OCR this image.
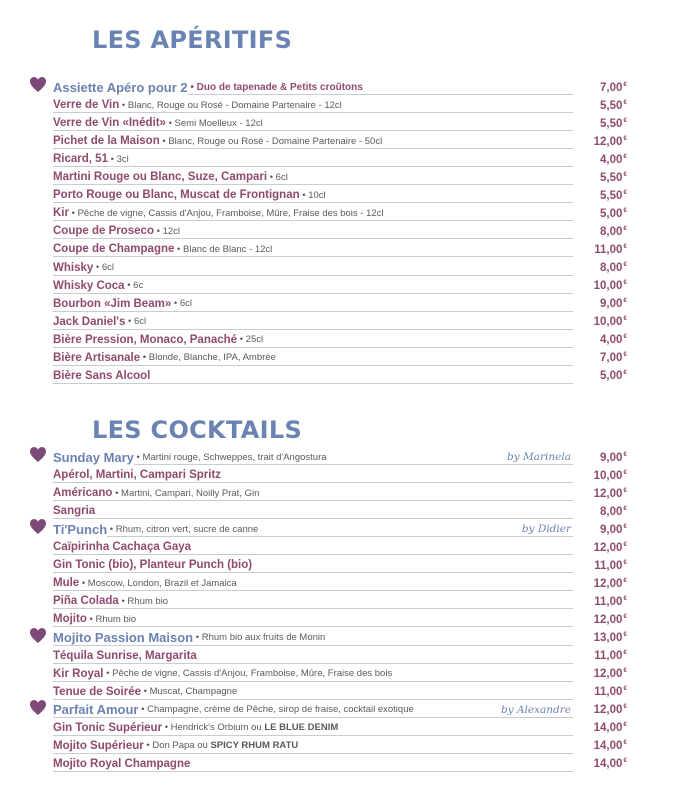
LES APÉRITIFS
LES COCKTAILS
Assiette Apéro pour 2 • Duo de tapenade & Petits croûtons	7,00€
Verre de Vin • Blanc, Rouge ou Rosé - Domaine Partenaire - 12cl	5,50€
Verre de Vin «Inédit» • Semi Moelleux - 12cl	5,50€
Pichet de la Maison • Blanc, Rouge ou Rosé - Domaine Partenaire - 50cl	12,00€
Ricard, 51 • 3cl	4,00€
Martini Rouge ou Blanc, Suze, Campari • 6cl	5,50€
Porto Rouge ou Blanc, Muscat de Frontignan • 10cl	5,50€
Kir • Pêche de vigne, Cassis d'Anjou, Framboise, Mûre, Fraise des bois - 12cl	5,00€
Coupe de Proseco • 12cl	8,00€
Coupe de Champagne • Blanc de Blanc - 12cl	11,00€
Whisky • 6cl	8,00€
Whisky Coca • 6c	10,00€
Bourbon «Jim Beam» • 6cl	9,00€
Jack Daniel's • 6cl	10,00€
Bière Pression, Monaco, Panaché • 25cl	4,00€
Bière Artisanale • Blonde, Blanche, IPA, Ambrée	7,00€
Bière Sans Alcool	5,00€
Sunday Mary • Martini rouge, Schweppes, trait d'Angostura	by Marinela	9,00€
Apérol, Martini, Campari Spritz	10,00€
Américano • Martini, Campari, Noilly Prat, Gin	12,00€
Sangria	8,00€
Ti'Punch • Rhum, citron vert, sucre de canne	by Didier	9,00€
Caïpirinha Cachaça Gaya	12,00€
Gin Tonic (bio), Planteur Punch (bio)	11,00€
Mule • Moscow, London, Brazil et Jamaica	12,00€
Piña Colada • Rhum bio	11,00€
Mojito • Rhum bio	12,00€
Mojito Passion Maison • Rhum bio aux fruits de Monin	13,00€
Téquila Sunrise, Margarita	11,00€
Kir Royal • Pêche de vigne, Cassis d'Anjou, Framboise, Mûre, Fraise des bois	12,00€
Tenue de Soirée • Muscat, Champagne	11,00€
Parfait Amour • Champagne, crème de Pêche, sirop de fraise, cocktail exotique	by Alexandre	12,00€
Gin Tonic Supérieur • Hendrick's Orbium ou LE BLUE DENIM	14,00€
Mojito Supérieur • Don Papa ou SPICY RHUM RATU	14,00€
Mojito Royal Champagne	14,00€
